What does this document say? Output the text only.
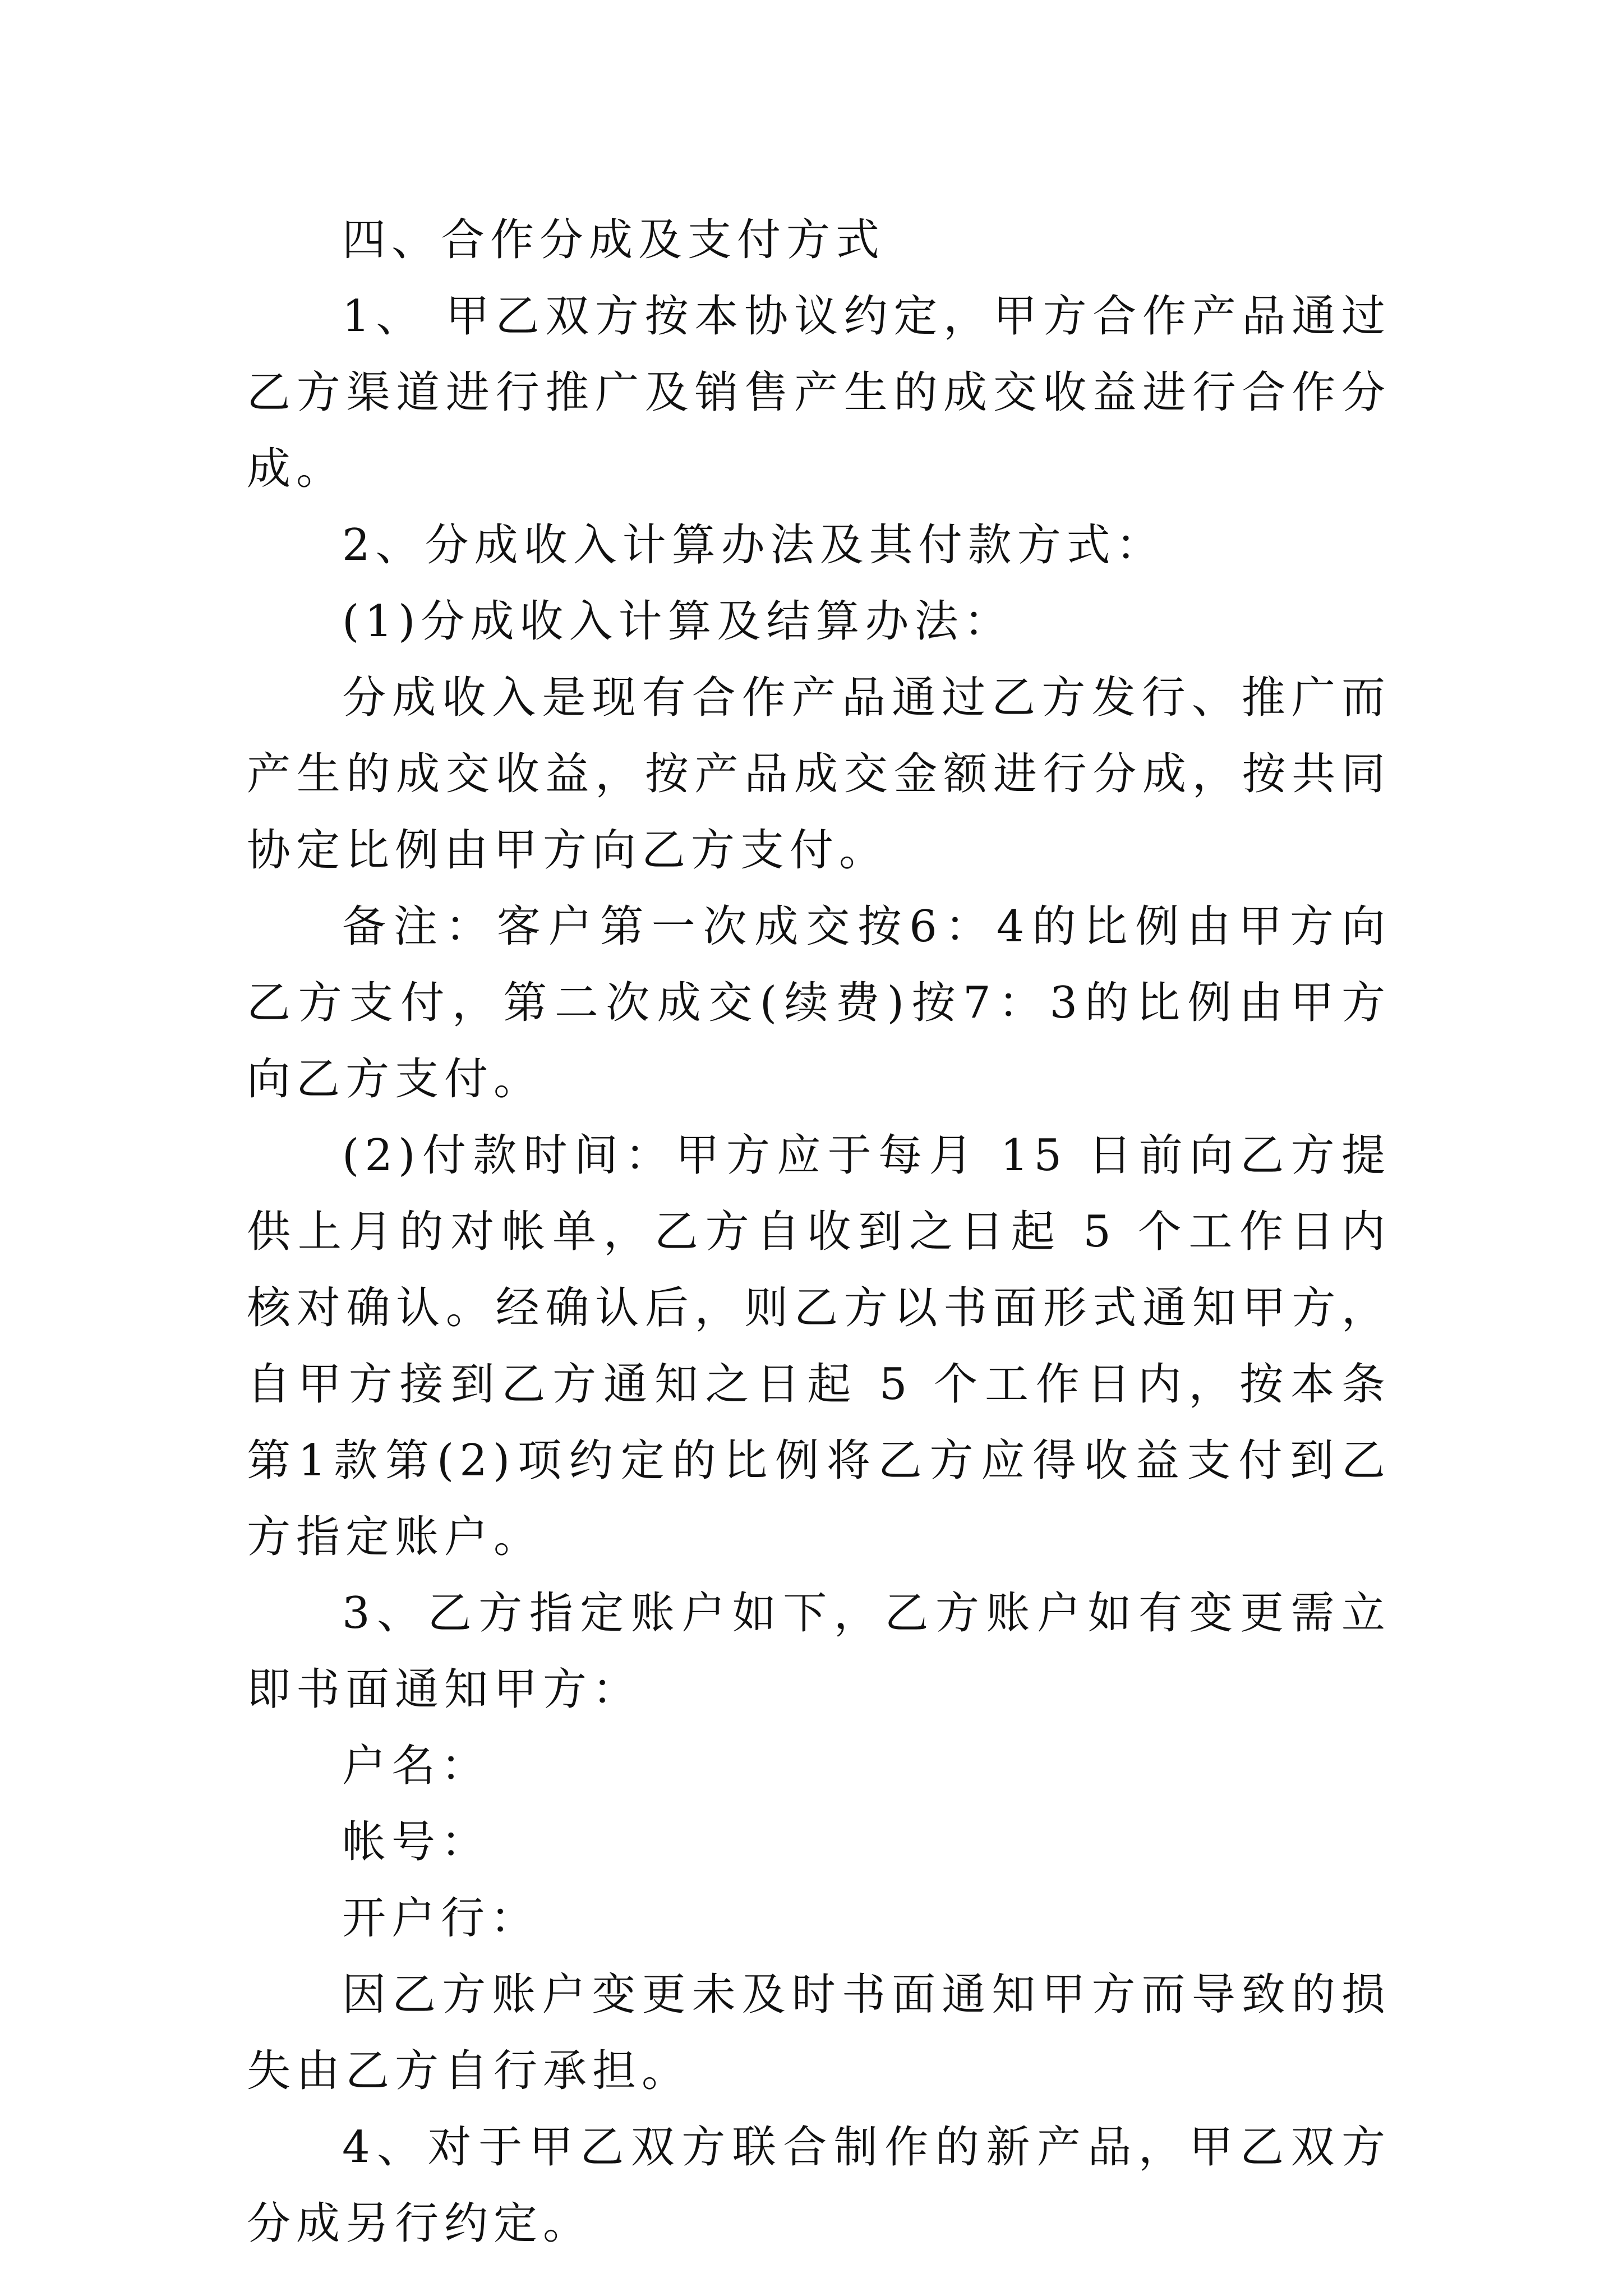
四、合作分成及支付方式

1、 甲乙双方按本协议约定，甲方合作产品通过乙方渠道进行推广及销售产生的成交收益进行合作分成。

2、分成收入计算办法及其付款方式：

(1)分成收入计算及结算办法：

分成收入是现有合作产品通过乙方发行、推广而产生的成交收益，按产品成交金额进行分成，按共同协定比例由甲方向乙方支付。

备注：客户第一次成交按6：4的比例由甲方向乙方支付，第二次成交(续费)按7：3的比例由甲方向乙方支付。

(2)付款时间：甲方应于每月 15 日前向乙方提供上月的对帐单，乙方自收到之日起 5 个工作日内核对确认。经确认后，则乙方以书面形式通知甲方，自甲方接到乙方通知之日起 5 个工作日内，按本条第1款第(2)项约定的比例将乙方应得收益支付到乙方指定账户。

3、乙方指定账户如下，乙方账户如有变更需立即书面通知甲方：

户名：

帐号：

开户行：

因乙方账户变更未及时书面通知甲方而导致的损失由乙方自行承担。

4、对于甲乙双方联合制作的新产品，甲乙双方分成另行约定。
